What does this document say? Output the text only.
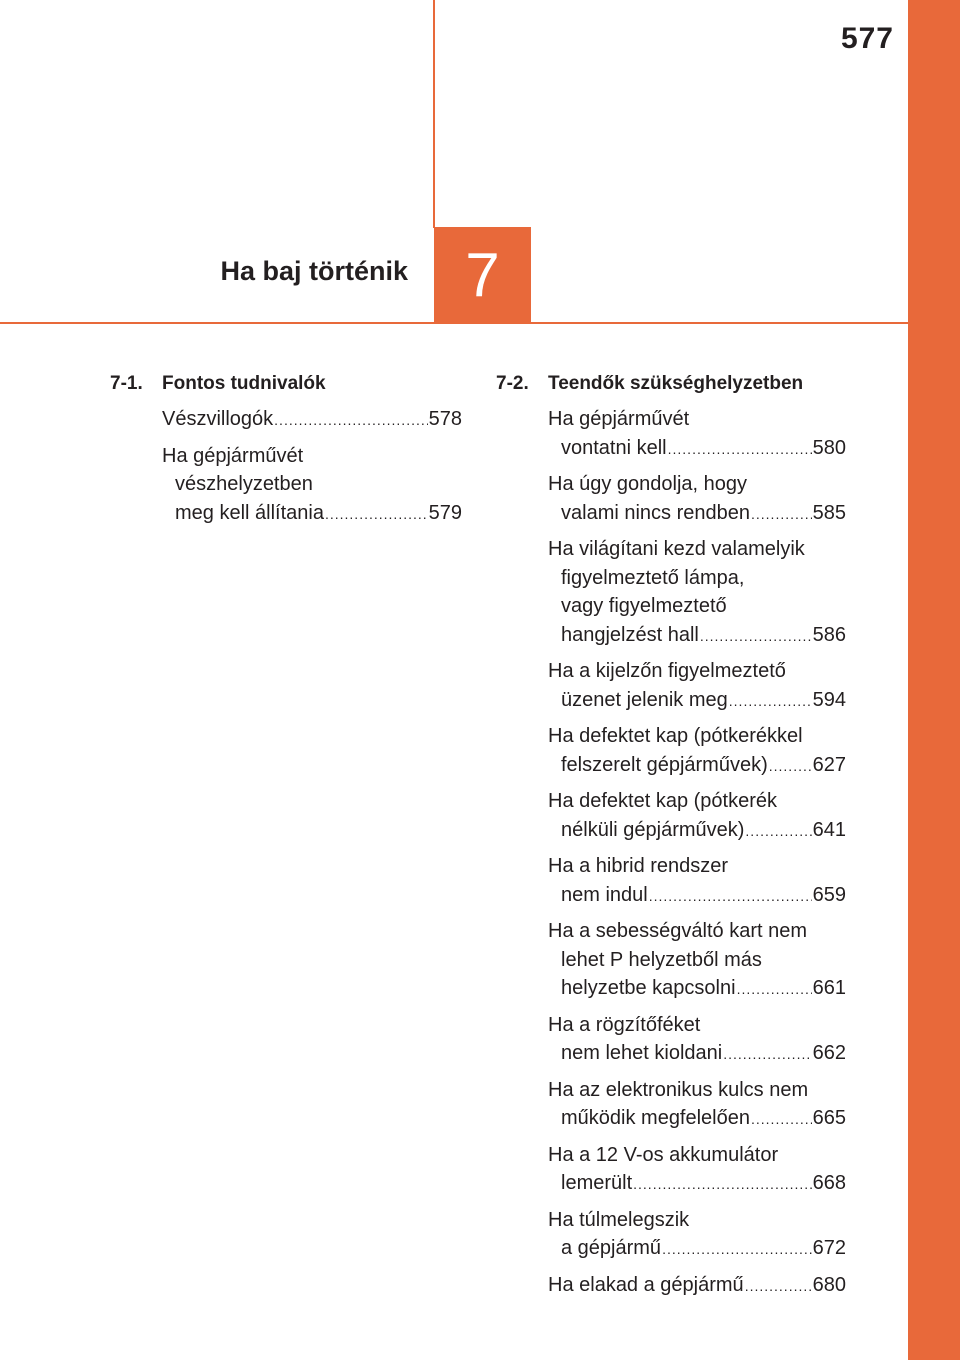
577
7
Ha baj történik
7-1.	Fontos tudnivalók
Vészvillogók .....	578
Ha gépjárművét
vészhelyzetben
meg kell állítania .....	579
7-2.	Teendők szükséghelyzetben
Ha gépjárművét
vontatni kell .....	580
Ha úgy gondolja, hogy
valami nincs rendben .....	585
Ha világítani kezd valamelyik
figyelmeztető lámpa,
vagy figyelmeztető
hangjelzést hall .....	586
Ha a kijelzőn figyelmeztető
üzenet jelenik meg .....	594
Ha defektet kap (pótkerékkel
felszerelt gépjárművek) ..... 627
Ha defektet kap (pótkerék
nélküli gépjárművek) .....	641
Ha a hibrid rendszer
nem indul .....	659
Ha a sebességváltó kart nem
lehet P helyzetből más
helyzetbe kapcsolni .....	661
Ha a rögzítőféket
nem lehet kioldani .....	662
Ha az elektronikus kulcs nem
működik megfelelően .....	665
Ha a 12 V-os akkumulátor
lemerült .....	668
Ha túlmelegszik
a gépjármű .....	672
Ha elakad a gépjármű .....	680
